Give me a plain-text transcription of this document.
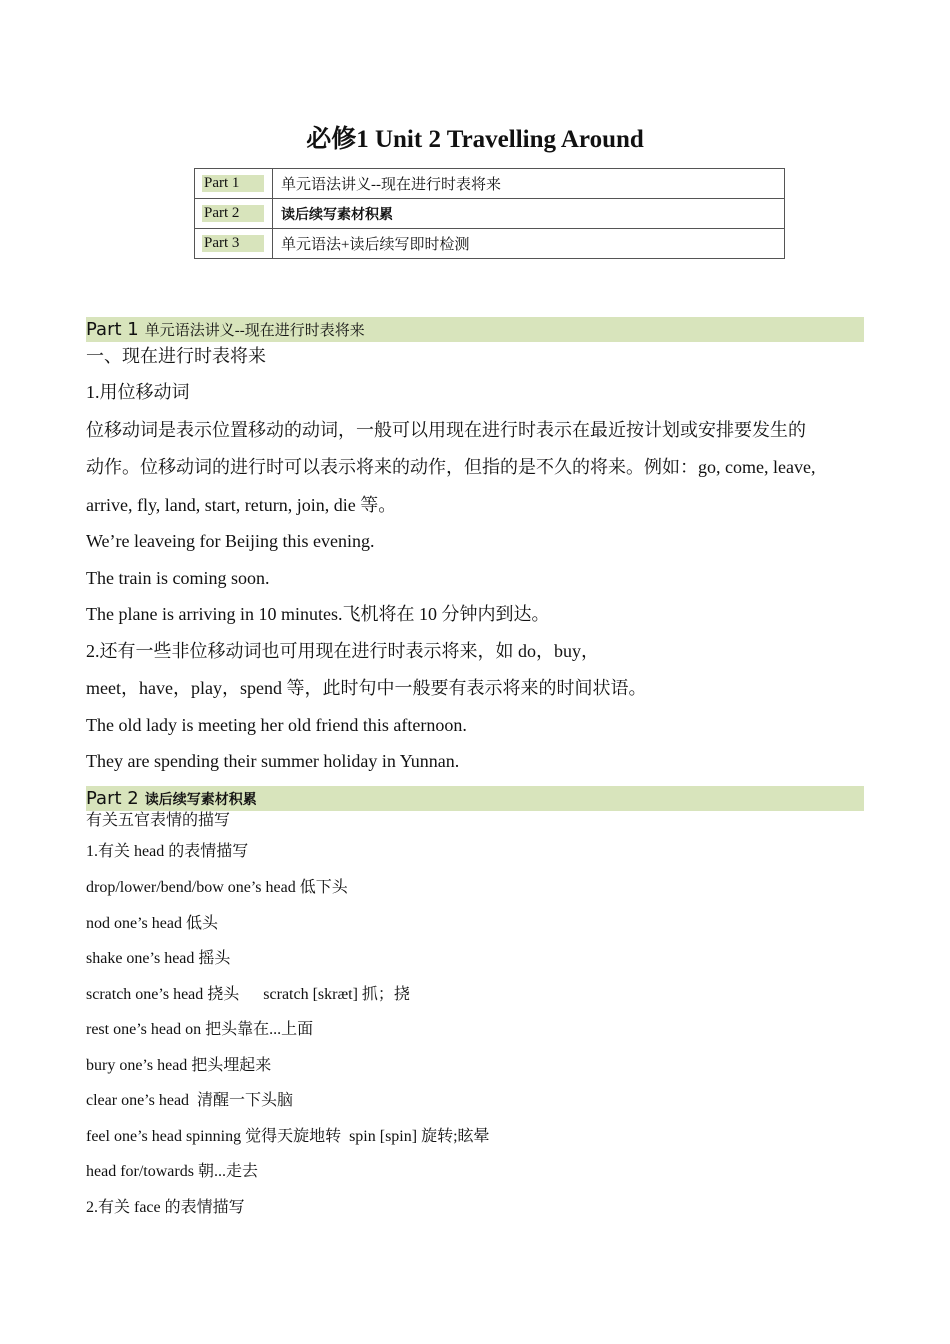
必修1 Unit 2 Travelling Around
Part 1	单元语法讲义--现在进行时表将来
Part 2	读后续写素材积累
Part 3	单元语法+读后续写即时检测
Part 1 单元语法讲义--现在进行时表将来
一、现在进行时表将来
1.用位移动词
位移动词是表示位置移动的动词，一般可以用现在进行时表示在最近按计划或安排要发生的
动作。位移动词的进行时可以表示将来的动作，但指的是不久的将来。例如：go, come, leave,
arrive, fly, land, start, return, join, die 等。
We’re leaveing for Beijing this evening.
The train is coming soon.
The plane is arriving in 10 minutes.飞机将在 10 分钟内到达。
2.还有一些非位移动词也可用现在进行时表示将来，如 do，buy，
meet，have，play，spend 等，此时句中一般要有表示将来的时间状语。
The old lady is meeting her old friend this afternoon.
They are spending their summer holiday in Yunnan.
Part 2 读后续写素材积累
有关五官表情的描写
1.有关 head 的表情描写
drop/lower/bend/bow one’s head 低下头
nod one’s head 低头
shake one’s head 摇头
scratch one’s head 挠头      scratch [skræt] 抓；挠
rest one’s head on 把头靠在...上面
bury one’s head 把头埋起来
clear one’s head  清醒一下头脑
feel one’s head spinning 觉得天旋地转  spin [spin] 旋转;眩晕
head for/towards 朝...走去
2.有关 face 的表情描写
